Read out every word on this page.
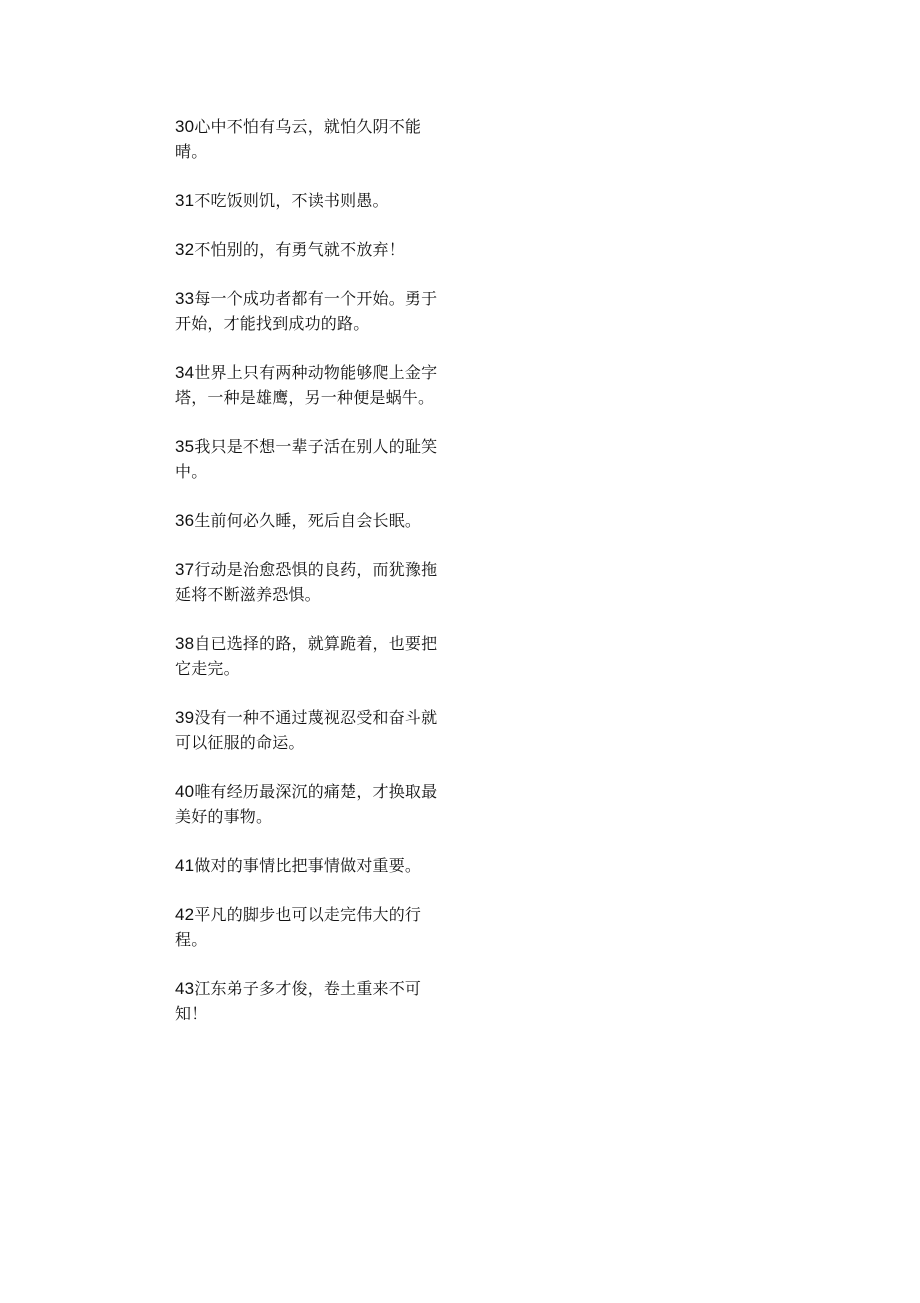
30心中不怕有乌云，就怕久阴不能晴。
31不吃饭则饥，不读书则愚。
32不怕别的，有勇气就不放弃！
33每一个成功者都有一个开始。勇于开始，才能找到成功的路。
34世界上只有两种动物能够爬上金字塔，一种是雄鹰，另一种便是蜗牛。
35我只是不想一辈子活在别人的耻笑中。
36生前何必久睡，死后自会长眠。
37行动是治愈恐惧的良药，而犹豫拖延将不断滋养恐惧。
38自已选择的路，就算跪着，也要把它走完。
39没有一种不通过蔑视忍受和奋斗就可以征服的命运。
40唯有经历最深沉的痛楚，才换取最美好的事物。
41做对的事情比把事情做对重要。
42平凡的脚步也可以走完伟大的行程。
43江东弟子多才俊，卷土重来不可知！
